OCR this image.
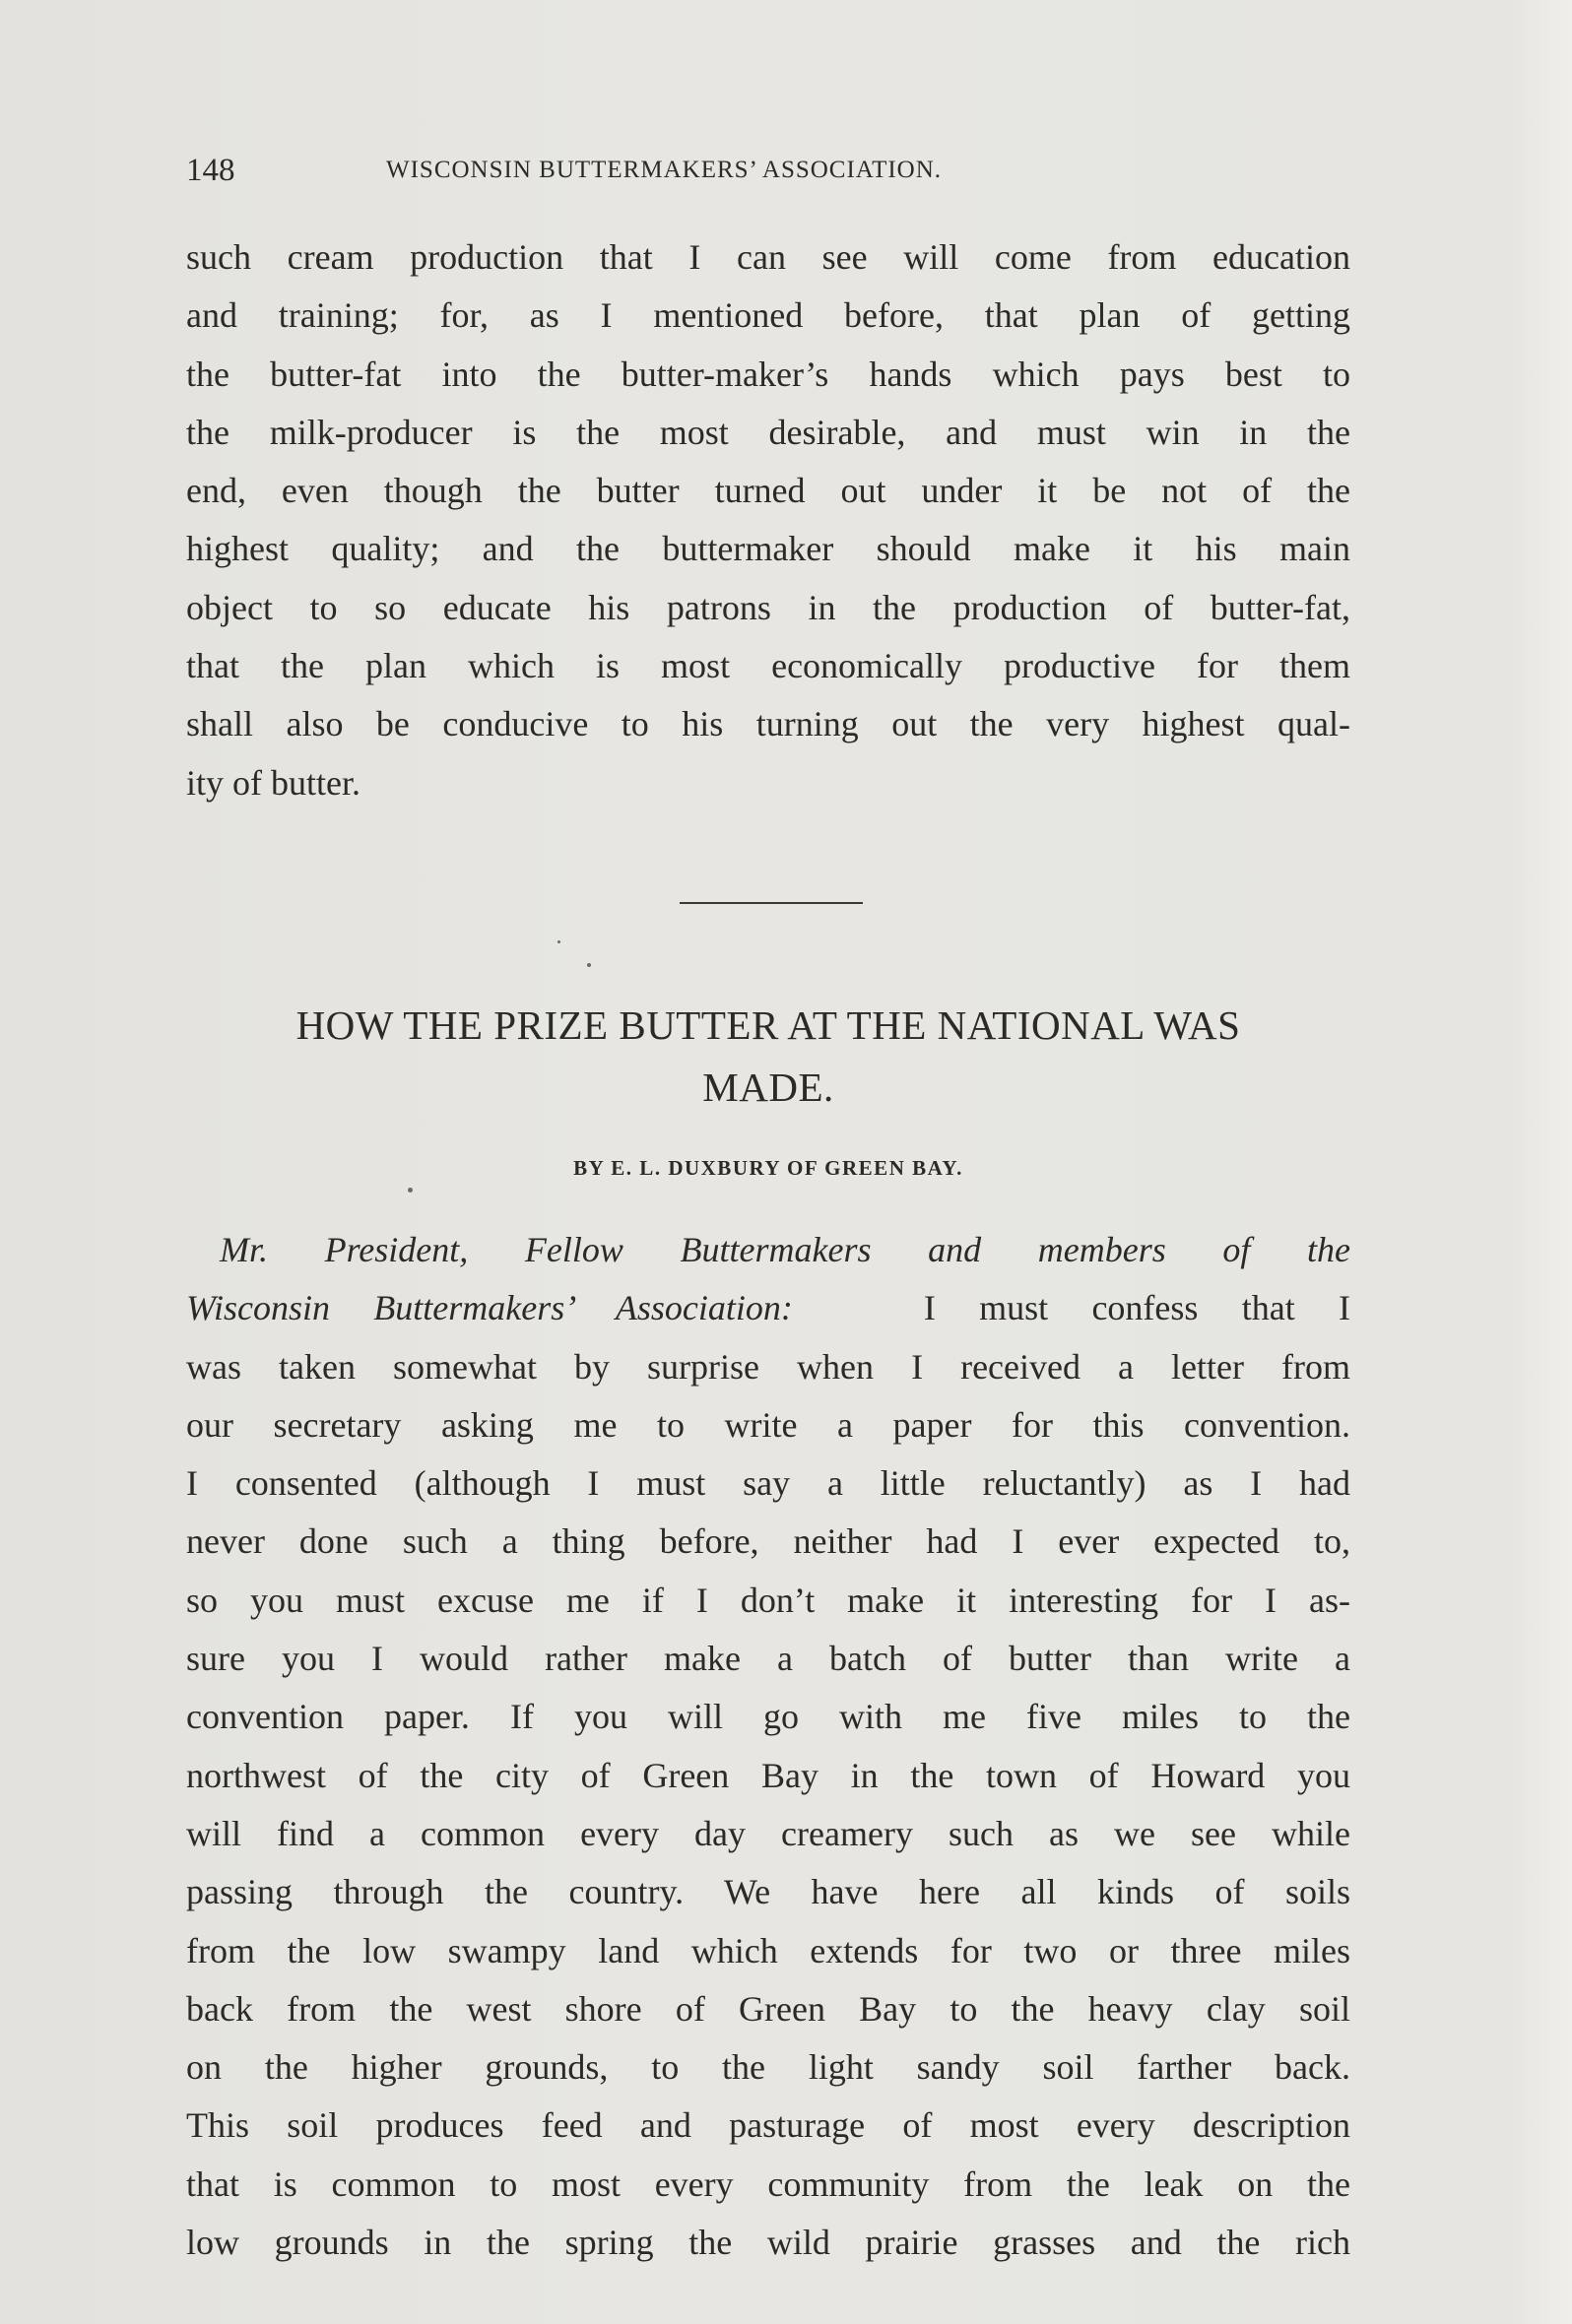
148	WISCONSIN BUTTERMAKERS’ ASSOCIATION.
such cream production that I can see will come from education
and training; for, as I mentioned before, that plan of getting
the butter-fat into the butter-maker’s hands which pays best to
the milk-producer is the most desirable, and must win in the
end, even though the butter turned out under it be not of the
highest quality; and the buttermaker should make it his main
object to so educate his patrons in the production of butter-fat,
that the plan which is most economically productive for them
shall also be conducive to his turning out the very highest qual-
ity of butter.
HOW THE PRIZE BUTTER AT THE NATIONAL WAS
MADE.
BY E. L. DUXBURY OF GREEN BAY.
Mr. President, Fellow Buttermakers and members of the
Wisconsin Buttermakers’ Association:	I must confess that I
was taken somewhat by surprise when I received a letter from
our secretary asking me to write a paper for this convention.
I consented (although I must say a little reluctantly) as I had
never done such a thing before, neither had I ever expected to,
so you must excuse me if I don’t make it interesting for I as-
sure you I would rather make a batch of butter than write a
convention paper. If you will go with me five miles to the
northwest of the city of Green Bay in the town of Howard you
will find a common every day creamery such as we see while
passing through the country. We have here all kinds of soils
from the low swampy land which extends for two or three miles
back from the west shore of Green Bay to the heavy clay soil
on the higher grounds, to the light sandy soil farther back.
This soil produces feed and pasturage of most every description
that is common to most every community from the leak on the
low grounds in the spring the wild prairie grasses and the rich
